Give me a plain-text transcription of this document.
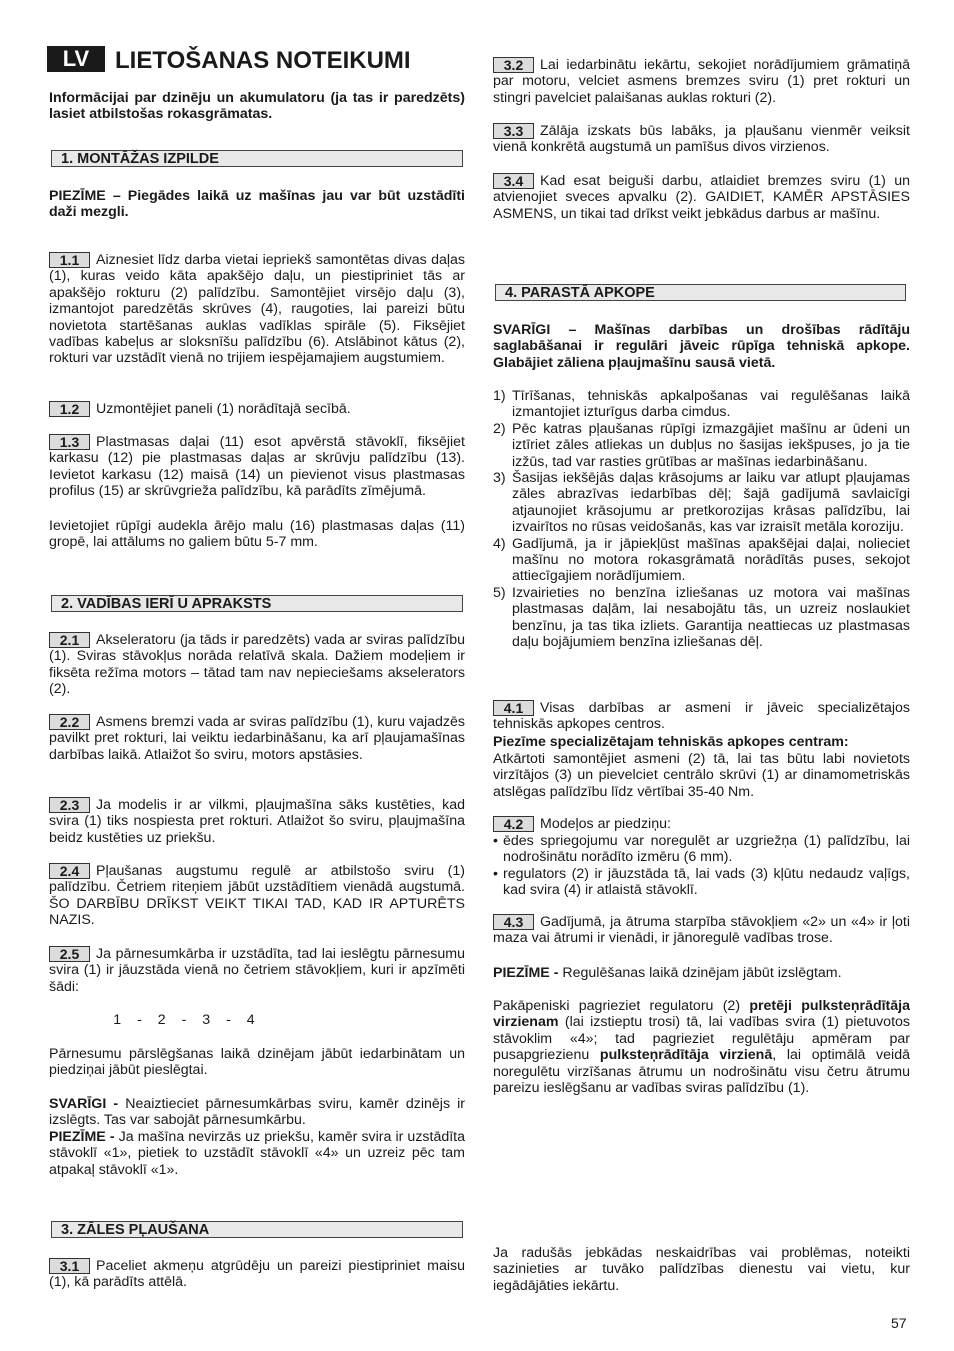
LV	LIETOŠANAS NOTEIKUMI

Informācijai par dzinēju un akumulatoru (ja tas ir paredzēts) lasiet atbilstošas rokasgrāmatas.

1. MONTĀŽAS IZPILDE

PIEZĪME – Piegādes laikā uz mašīnas jau var būt uzstādīti daži mezgli.

1.1 Aiznesiet līdz darba vietai iepriekš samontētas divas daļas (1), kuras veido kāta apakšējo daļu, un piestipriniet tās ar apakšējo rokturu (2) palīdzību. Samontējiet virsējo daļu (3), izmantojot paredzētās skrūves (4), raugoties, lai pareizi būtu novietota startēšanas auklas vadīklas spirāle (5). Fiksējiet vadības kabeļus ar sloksnīšu palīdzību (6). Atslābinot kātus (2), rokturi var uzstādīt vienā no trijiem iespējamajiem augstumiem.

1.2 Uzmontējiet paneli (1) norādītajā secībā.

1.3 Plastmasas daļai (11) esot apvērstā stāvoklī, fiksējiet karkasu (12) pie plastmasas daļas ar skrūvju palīdzību (13). Ievietot karkasu (12) maisā (14) un pievienot visus plastmasas profilus (15) ar skrūvgrieža palīdzību, kā parādīts zīmējumā.

Ievietojiet rūpīgi audekla ārējo malu (16) plastmasas daļas (11) gropē, lai attālums no galiem būtu 5-7 mm.

2. VADĪBAS IERĪ U APRAKSTS

2.1 Akseleratoru (ja tāds ir paredzēts) vada ar sviras palīdzību (1). Sviras stāvokļus norāda relatīvā skala. Dažiem modeļiem ir fiksēta režīma motors – tātad tam nav nepieciešams akselerators (2).

2.2 Asmens bremzi vada ar sviras palīdzību (1), kuru vajadzēs pavilkt pret rokturi, lai veiktu iedarbināšanu, ka arī pļaujamašīnas darbības laikā. Atlaižot šo sviru, motors apstāsies.

2.3 Ja modelis ir ar vilkmi, pļaujmašīna sāks kustēties, kad svira (1) tiks nospiesta pret rokturi. Atlaižot šo sviru, pļaujmašīna beidz kustēties uz priekšu.

2.4 Pļaušanas augstumu regulē ar atbilstošo sviru (1) palīdzību. Četriem riteņiem jābūt uzstādītiem vienādā augstumā. ŠO DARBĪBU DRĪKST VEIKT TIKAI TAD, KAD IR APTURĒTS NAZIS.

2.5 Ja pārnesumkārba ir uzstādīta, tad lai ieslēgtu pārnesumu svira (1) ir jāuzstāda vienā no četriem stāvokļiem, kuri ir apzīmēti šādi:

1 - 2 - 3 - 4

Pārnesumu pārslēgšanas laikā dzinējam jābūt iedarbinātam un piedziņai jābūt pieslēgtai.

SVARĪGI - Neaiztieciet pārnesumkārbas sviru, kamēr dzinējs ir izslēgts. Tas var sabojāt pārnesumkārbu.

PIEZĪME - Ja mašīna nevirzās uz priekšu, kamēr svira ir uzstādīta stāvoklī «1», pietiek to uzstādīt stāvoklī «4» un uzreiz pēc tam atpakaļ stāvoklī «1».

3. ZĀLES PĻAUŠANA

3.1 Paceliet akmeņu atgrūdēju un pareizi piestipriniet maisu (1), kā parādīts attēlā.

3.2 Lai iedarbinātu iekārtu, sekojiet norādījumiem grāmatiņā par motoru, velciet asmens bremzes sviru (1) pret rokturi un stingri pavelciet palaišanas auklas rokturi (2).

3.3 Zālāja izskats būs labāks, ja pļaušanu vienmēr veiksit vienā konkrētā augstumā un pamīšus divos virzienos.

3.4 Kad esat beiguši darbu, atlaidiet bremzes sviru (1) un atvienojiet sveces apvalku (2). GAIDIET, KAMĒR APSTĀSIES ASMENS, un tikai tad drīkst veikt jebkādus darbus ar mašīnu.

4. PARASTĀ APKOPE

SVARĪGI – Mašīnas darbības un drošības rādītāju saglabāšanai ir regulāri jāveic rūpīga tehniskā apkope. Glabājiet zāliena pļaujmašīnu sausā vietā.

1) Tīrīšanas, tehniskās apkalpošanas vai regulēšanas laikā izmantojiet izturīgus darba cimdus.
2) Pēc katras pļaušanas rūpīgi izmazgājiet mašīnu ar ūdeni un iztīriet zāles atliekas un dubļus no šasijas iekšpuses, jo ja tie izžūs, tad var rasties grūtības ar mašīnas iedarbināšanu.
3) Šasijas iekšējās daļas krāsojums ar laiku var atlupt pļaujamas zāles abrazīvas iedarbības dēļ; šajā gadījumā savlaicīgi atjaunojiet krāsojumu ar pretkorozijas krāsas palīdzību, lai izvairītos no rūsas veidošanās, kas var izraisīt metāla koroziju.
4) Gadījumā, ja ir jāpiekļūst mašīnas apakšējai daļai, nolieciet mašīnu no motora rokasgrāmatā norādītās puses, sekojot attiecīgajiem norādījumiem.
5) Izvairieties no benzīna izliešanas uz motora vai mašīnas plastmasas daļām, lai nesabojātu tās, un uzreiz noslaukiet benzīnu, ja tas tika izliets. Garantija neattiecas uz plastmasas daļu bojājumiem benzīna izliešanas dēļ.

4.1 Visas darbības ar asmeni ir jāveic specializētajos tehniskās apkopes centros.

Piezīme specializētajam tehniskās apkopes centram:

Atkārtoti samontējiet asmeni (2) tā, lai tas būtu labi novietots virzītājos (3) un pievelciet centrālo skrūvi (1) ar dinamometriskās atslēgas palīdzību līdz vērtībai 35-40 Nm.

4.2 Modeļos ar piedziņu:

• ēdes spriegojumu var noregulēt ar uzgriežņa (1) palīdzību, lai nodrošinātu norādīto izmēru (6 mm).
• regulators (2) ir jāuzstāda tā, lai vads (3) kļūtu nedaudz vaļīgs, kad svira (4) ir atlaistā stāvoklī.

4.3 Gadījumā, ja ātruma starpība stāvokļiem «2» un «4» ir ļoti maza vai ātrumi ir vienādi, ir jānoregulē vadības trose.

PIEZĪME - Regulēšanas laikā dzinējam jābūt izslēgtam.

Pakāpeniski pagrieziet regulatoru (2) pretēji pulksteņrādītāja virzienam (lai izstieptu trosi) tā, lai vadības svira (1) pietuvotos stāvoklim «4»; tad pagrieziet regulētāju apmēram par pusapgriezienu pulksteņrādītāja virzienā, lai optimālā veidā noregulētu virzīšanas ātrumu un nodrošinātu visu četru ātrumu pareizu ieslēgšanu ar vadības sviras palīdzību (1).

Ja radušās jebkādas neskaidrības vai problēmas, noteikti sazinieties ar tuvāko palīdzības dienestu vai vietu, kur iegādājāties iekārtu.

57
